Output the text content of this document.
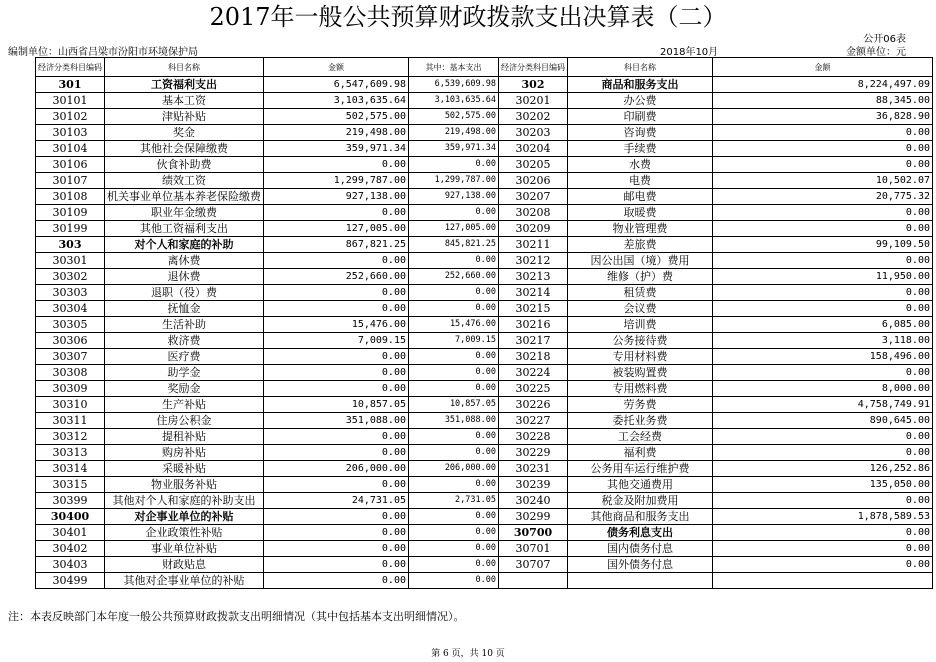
2017年一般公共预算财政拨款支出决算表（二）
公开06表
编制单位：山西省吕梁市汾阳市环境保护局	2018年10月	金额单位：元
经济分类科目编码	科目名称	金额	其中：基本支出	经济分类科目编码	科目名称	金额
301	工资福利支出	6,547,609.98	6,539,609.98	302	商品和服务支出	8,224,497.09
30101	基本工资	3,103,635.64	3,103,635.64	30201	办公费	88,345.00
30102	津贴补贴	502,575.00	502,575.00	30202	印刷费	36,828.90
30103	奖金	219,498.00	219,498.00	30203	咨询费	0.00
30104	其他社会保障缴费	359,971.34	359,971.34	30204	手续费	0.00
30106	伙食补助费	0.00	0.00	30205	水费	0.00
30107	绩效工资	1,299,787.00	1,299,787.00	30206	电费	10,502.07
30108	机关事业单位基本养老保险缴费	927,138.00	927,138.00	30207	邮电费	20,775.32
30109	职业年金缴费	0.00	0.00	30208	取暖费	0.00
30199	其他工资福利支出	127,005.00	127,005.00	30209	物业管理费	0.00
303	对个人和家庭的补助	867,821.25	845,821.25	30211	差旅费	99,109.50
30301	离休费	0.00	0.00	30212	因公出国（境）费用	0.00
30302	退休费	252,660.00	252,660.00	30213	维修（护）费	11,950.00
30303	退职（役）费	0.00	0.00	30214	租赁费	0.00
30304	抚恤金	0.00	0.00	30215	会议费	0.00
30305	生活补助	15,476.00	15,476.00	30216	培训费	6,085.00
30306	救济费	7,009.15	7,009.15	30217	公务接待费	3,118.00
30307	医疗费	0.00	0.00	30218	专用材料费	158,496.00
30308	助学金	0.00	0.00	30224	被装购置费	0.00
30309	奖励金	0.00	0.00	30225	专用燃料费	8,000.00
30310	生产补贴	10,857.05	10,857.05	30226	劳务费	4,758,749.91
30311	住房公积金	351,088.00	351,088.00	30227	委托业务费	890,645.00
30312	提租补贴	0.00	0.00	30228	工会经费	0.00
30313	购房补贴	0.00	0.00	30229	福利费	0.00
30314	采暖补贴	206,000.00	206,000.00	30231	公务用车运行维护费	126,252.86
30315	物业服务补贴	0.00	0.00	30239	其他交通费用	135,050.00
30399	其他对个人和家庭的补助支出	24,731.05	2,731.05	30240	税金及附加费用	0.00
30400	对企事业单位的补贴	0.00	0.00	30299	其他商品和服务支出	1,878,589.53
30401	企业政策性补贴	0.00	0.00	30700	债务利息支出	0.00
30402	事业单位补贴	0.00	0.00	30701	国内债务付息	0.00
30403	财政贴息	0.00	0.00	30707	国外债务付息	0.00
30499	其他对企事业单位的补贴	0.00	0.00			
注：本表反映部门本年度一般公共预算财政拨款支出明细情况（其中包括基本支出明细情况）。
第 6 页，共 10 页
